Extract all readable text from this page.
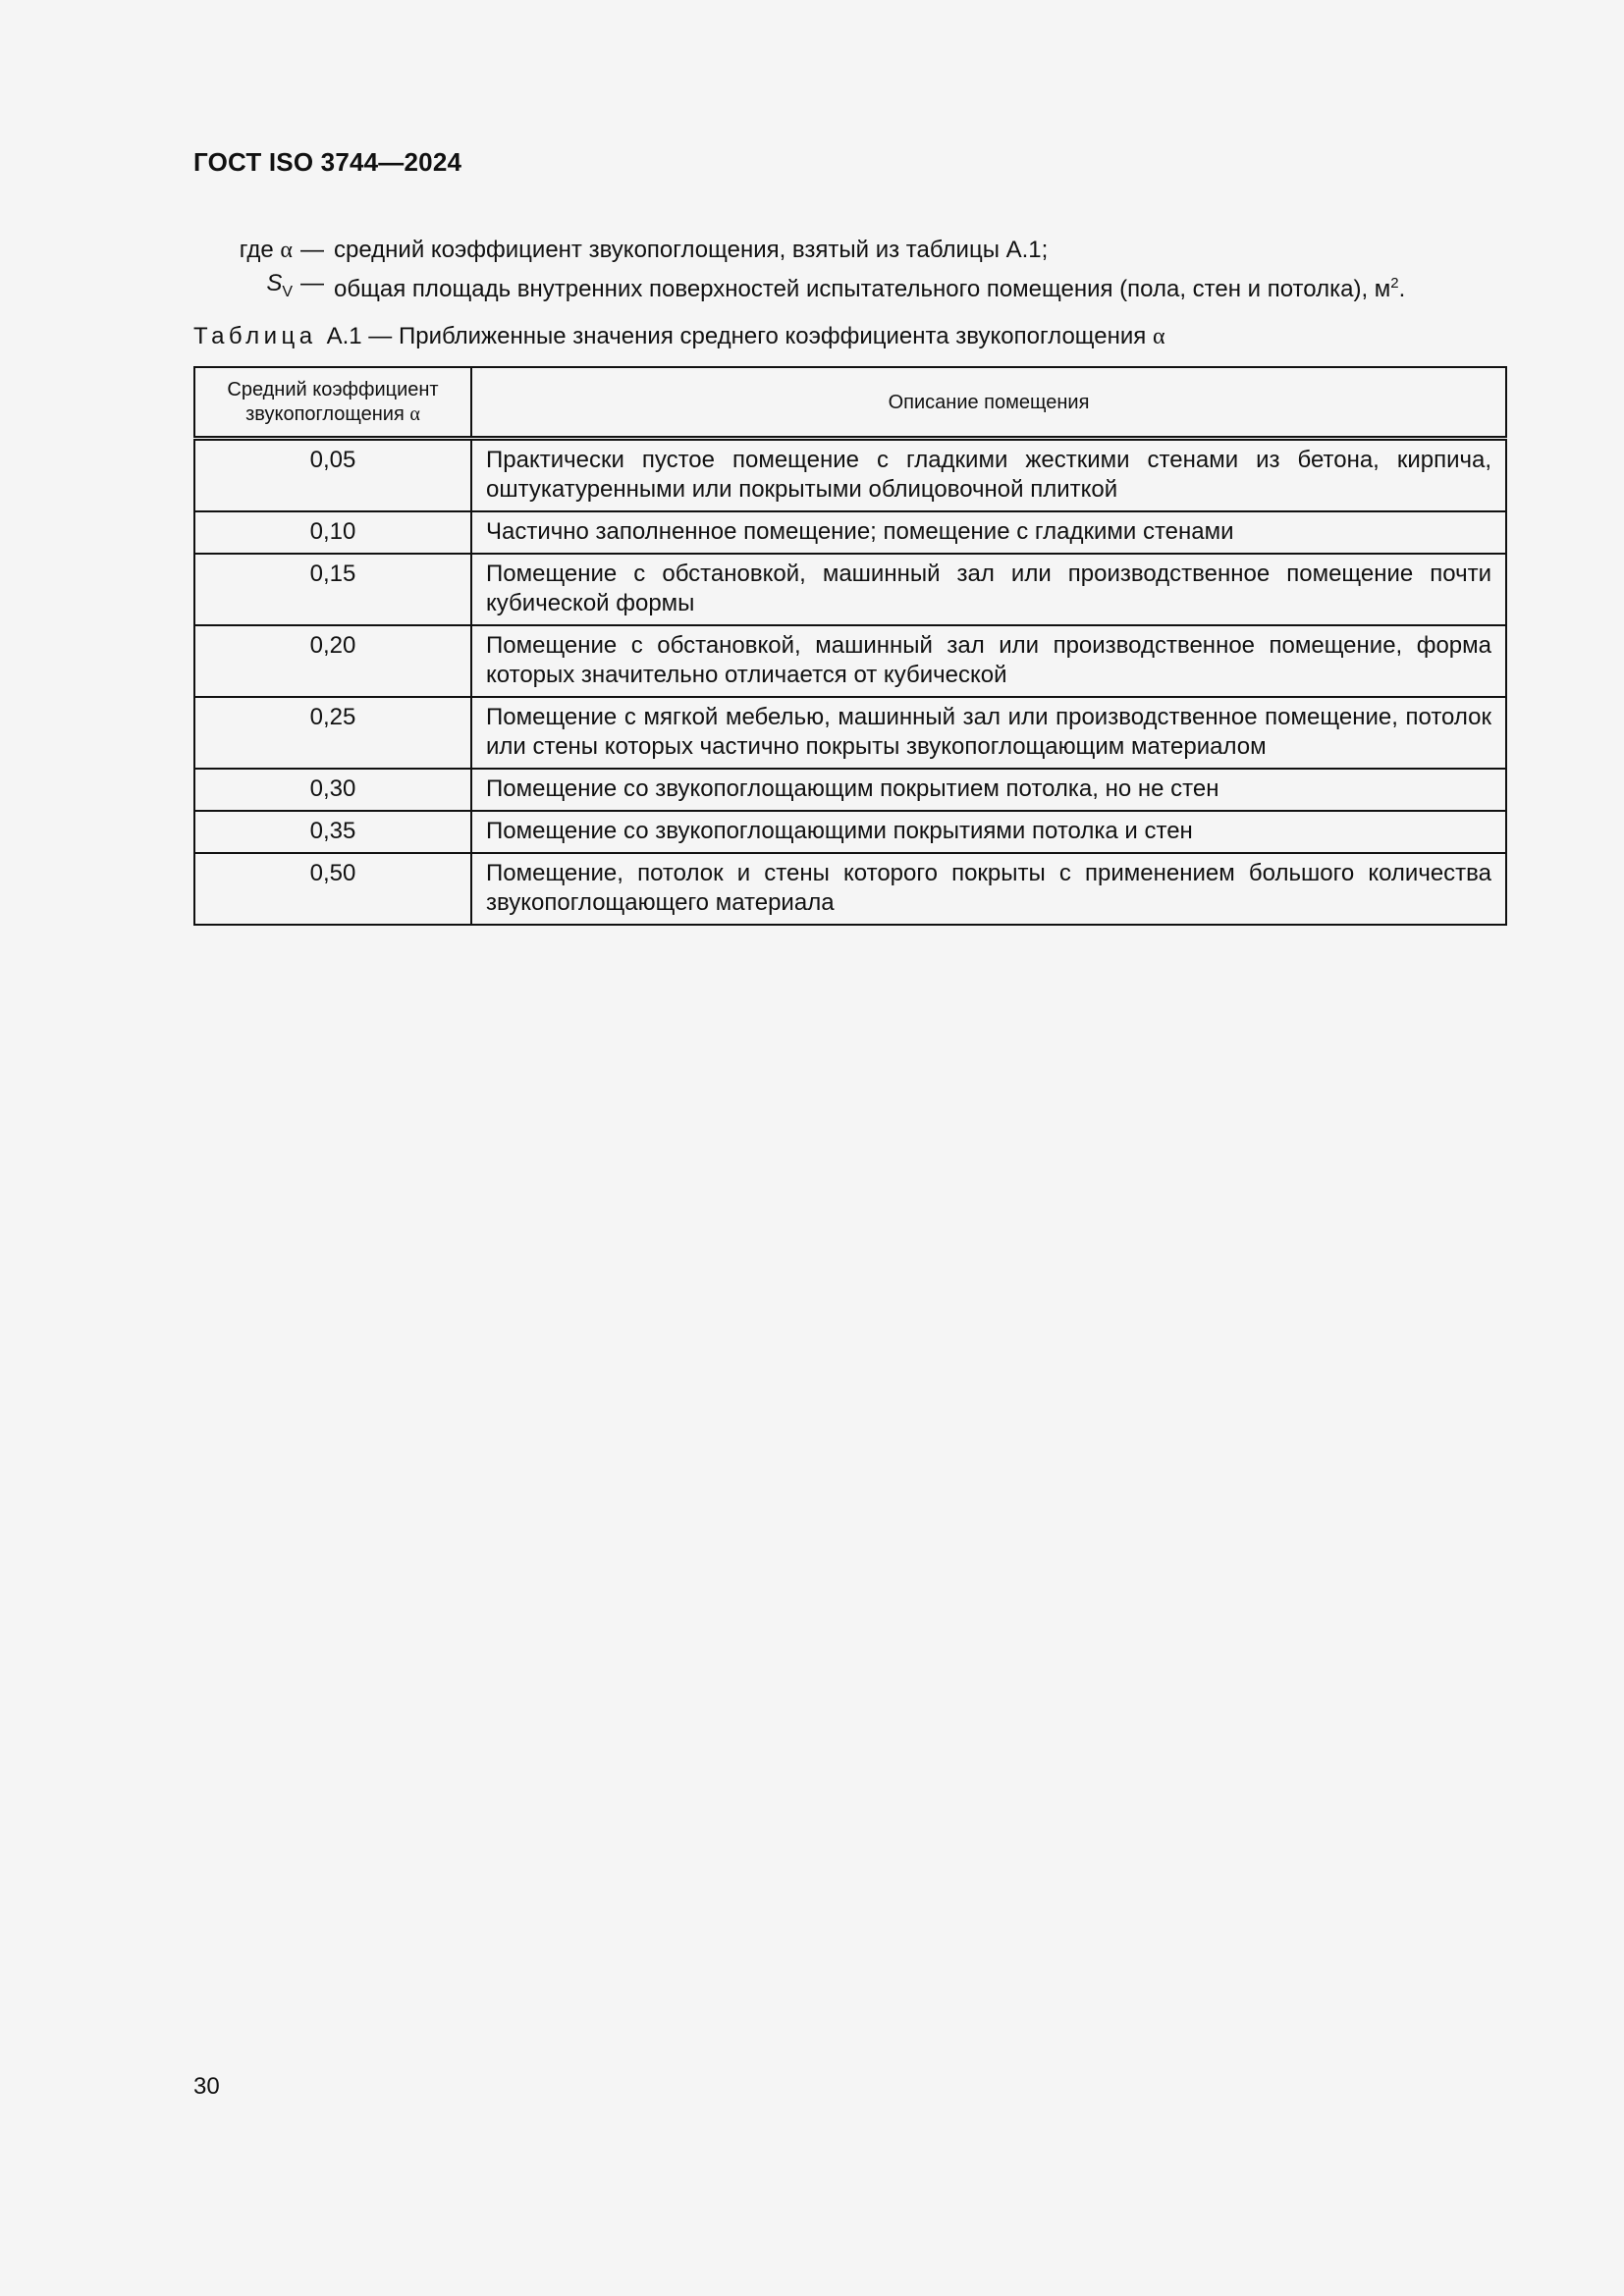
ГОСТ ISO 3744—2024
где α — средний коэффициент звукопоглощения, взятый из таблицы А.1;
$S_V$ — общая площадь внутренних поверхностей испытательного помещения (пола, стен и потолка), $м^2$.
Таблица А.1 — Приближенные значения среднего коэффициента звукопоглощения α
Средний коэффициент
звукопоглощения α	Описание помещения
0,05	Практически пустое помещение с гладкими жесткими стенами из бетона, кирпича, оштукатуренными или покрытыми облицовочной плиткой
0,10	Частично заполненное помещение; помещение с гладкими стенами
0,15	Помещение с обстановкой, машинный зал или производственное помещение почти кубической формы
0,20	Помещение с обстановкой, машинный зал или производственное помещение, форма которых значительно отличается от кубической
0,25	Помещение с мягкой мебелью, машинный зал или производственное помещение, потолок или стены которых частично покрыты звукопоглощающим материалом
0,30	Помещение со звукопоглощающим покрытием потолка, но не стен
0,35	Помещение со звукопоглощающими покрытиями потолка и стен
0,50	Помещение, потолок и стены которого покрыты с применением большого количества звукопоглощающего материала
30
